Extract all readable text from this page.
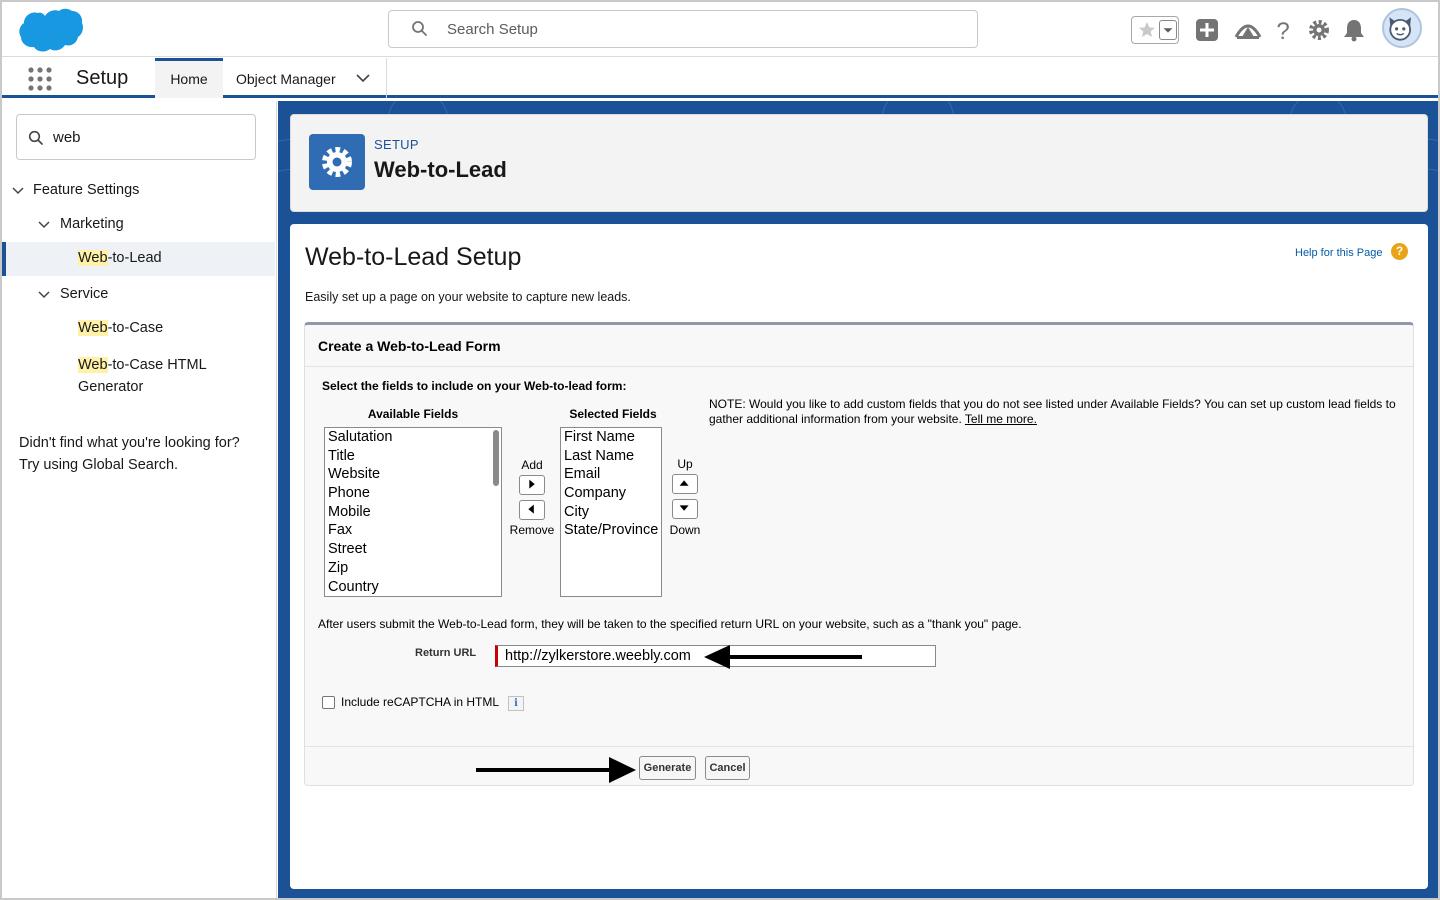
Search Setup	?
Setup	Home	Object Manager
web
Feature Settings
Marketing
Web-to-Lead
Service
Web-to-Case
Web-to-Case HTML Generator
Didn't find what you're looking for?
Try using Global Search.
SETUP
Web-to-Lead
Web-to-Lead Setup	Help for this Page	?
Easily set up a page on your website to capture new leads.
Create a Web-to-Lead Form
Select the fields to include on your Web-to-lead form:
Available Fields	Selected Fields
Salutation
Title
Website
Phone
Mobile
Fax
Street
Zip
Country
Add
Remove
First Name
Last Name
Email
Company
City
State/Province
Up
Down
NOTE: Would you like to add custom fields that you do not see listed under Available Fields? You can set up custom lead fields to gather additional information from your website. Tell me more.
After users submit the Web-to-Lead form, they will be taken to the specified return URL on your website, such as a "thank you" page.
Return URL	http://zylkerstore.weebly.com
Include reCAPTCHA in HTML	i
Generate	Cancel
